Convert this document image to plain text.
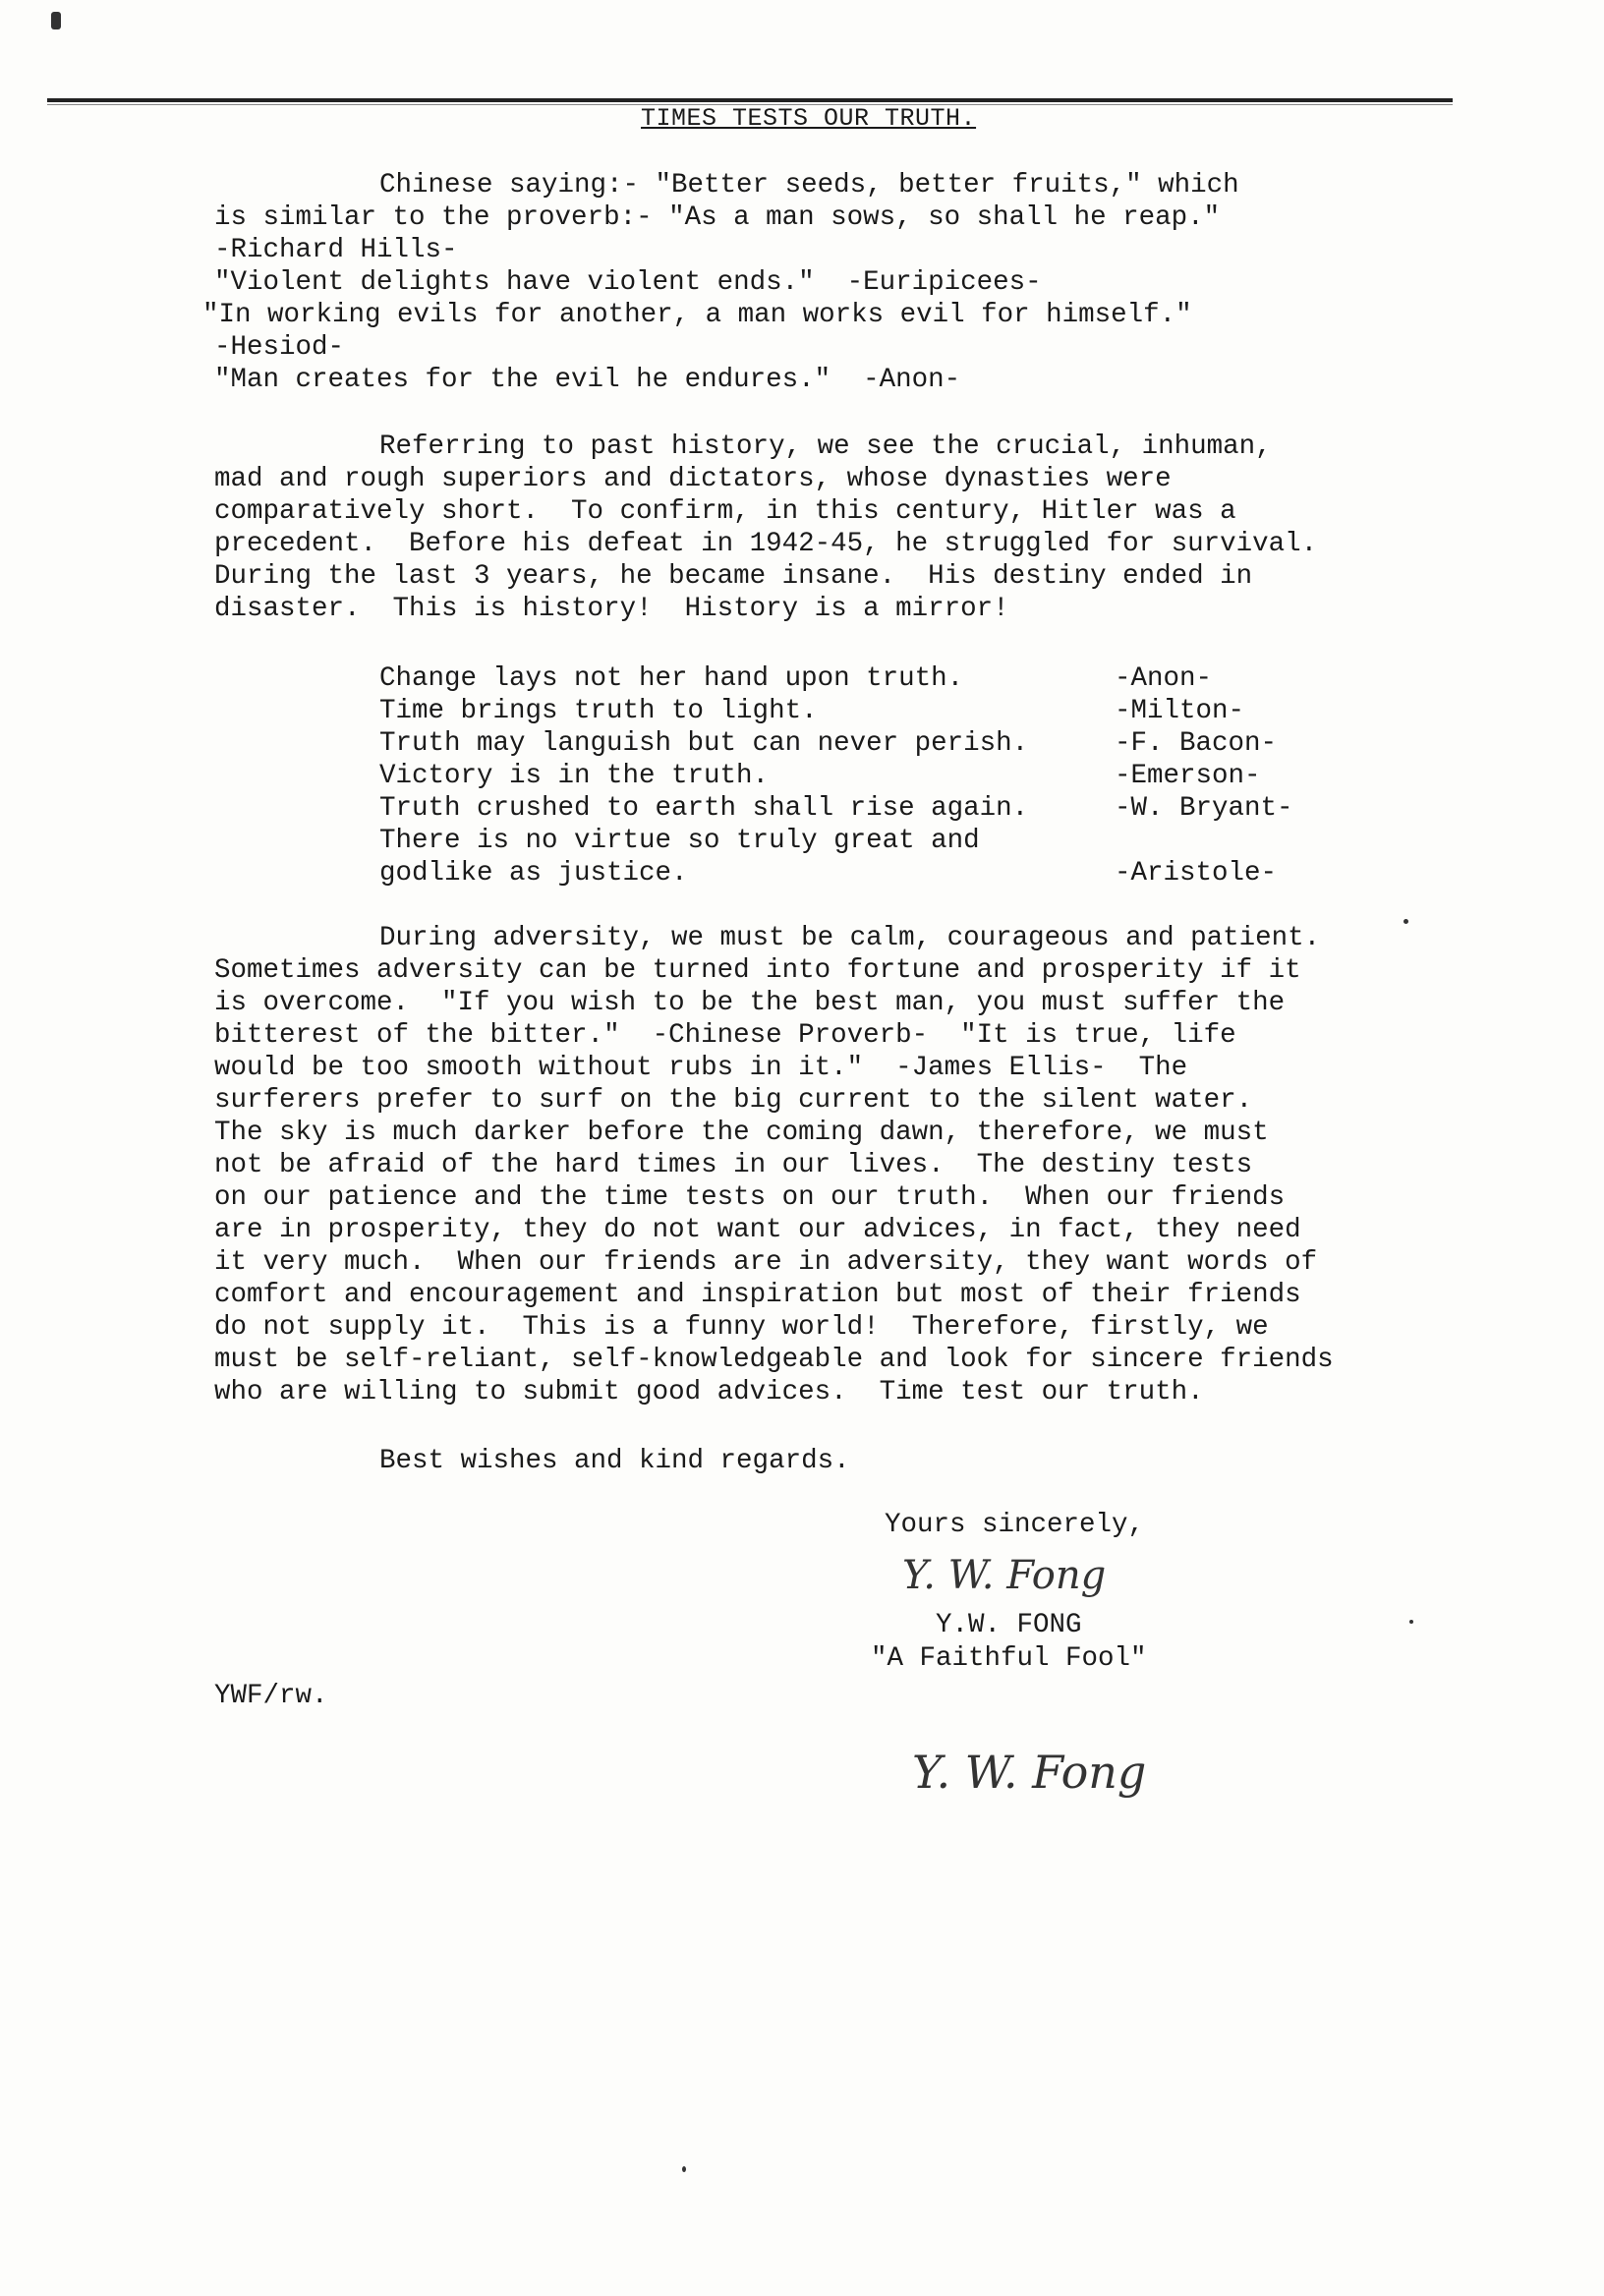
TIMES TESTS OUR TRUTH.
Chinese saying:- "Better seeds, better fruits," which
is similar to the proverb:- "As a man sows, so shall he reap."
-Richard Hills-
"Violent delights have violent ends."  -Euripicees-
"In working evils for another, a man works evil for himself."
-Hesiod-
"Man creates for the evil he endures."  -Anon-
Referring to past history, we see the crucial, inhuman,
mad and rough superiors and dictators, whose dynasties were
comparatively short.  To confirm, in this century, Hitler was a
precedent.  Before his defeat in 1942-45, he struggled for survival.
During the last 3 years, he became insane.  His destiny ended in
disaster.  This is history!  History is a mirror!
Change lays not her hand upon truth.	-Anon-
Time brings truth to light.	-Milton-
Truth may languish but can never perish.	-F. Bacon-
Victory is in the truth.	-Emerson-
Truth crushed to earth shall rise again.	-W. Bryant-
There is no virtue so truly great and
godlike as justice.	-Aristole-
During adversity, we must be calm, courageous and patient.
Sometimes adversity can be turned into fortune and prosperity if it
is overcome.  "If you wish to be the best man, you must suffer the
bitterest of the bitter."  -Chinese Proverb-  "It is true, life
would be too smooth without rubs in it."  -James Ellis-  The
surferers prefer to surf on the big current to the silent water.
The sky is much darker before the coming dawn, therefore, we must
not be afraid of the hard times in our lives.  The destiny tests
on our patience and the time tests on our truth.  When our friends
are in prosperity, they do not want our advices, in fact, they need
it very much.  When our friends are in adversity, they want words of
comfort and encouragement and inspiration but most of their friends
do not supply it.  This is a funny world!  Therefore, firstly, we
must be self-reliant, self-knowledgeable and look for sincere friends
who are willing to submit good advices.  Time test our truth.
Best wishes and kind regards.
Yours sincerely,
Y. W. Fong
Y.W. FONG
"A Faithful Fool"
YWF/rw.
Y. W. Fong
